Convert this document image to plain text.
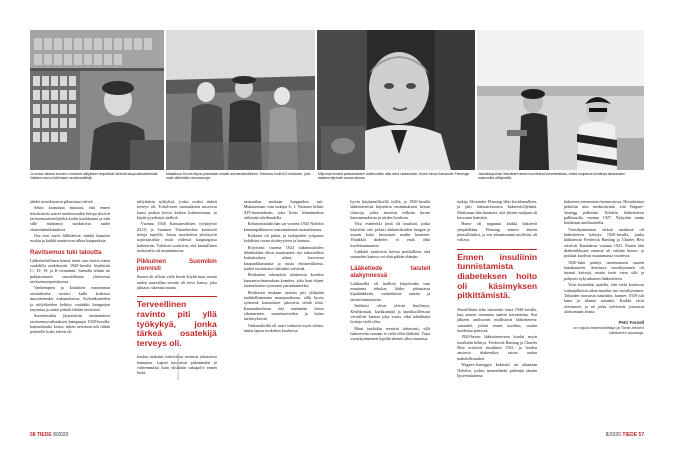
Jo sodan aikana suosion nousseet säilykkeet helpottivat kiireistä kaupunkilaiselämää. Valistus neuvoi tutkimaan ravintosisältöjä.
Maatalous-Suomi tarjosi parastaan omalle asemaväestölleen. Tutkimus tuotti A/V-tuokseen, joka nosti säilöntään ravintoarvoja.
Miljoonia ihmisiä pelastaneiden antibioottien aika alkoi sattumasta. Home tuhosi Alexander Flemingin bakteeriviljelmän toman aikana.
Jazzakaupolvan itsenäiset naiset kuuntelivat korsetteistaan, mutta suojaavat silmänsä aikakauden uusimmilla villityksellä.

tähdet muodostuvat pilaasiana vitiviä.

Sekin kannattaa muistaa, että ennen tietokoneita naiset uudenvuoden lukuja tiesivät ravitsemustieteilijöiltä kodin tulokkaasta ja niin sille määränsä suodattivat uudet vitamiinitutkimukset.

Osa tiesi myös hillittäessä, minkä laatuisia ruokia ja kaikki maistoivat ulkoa kaupunkeja.

Ravitsemus tuki taloutta

Lääketieteellinen kemia eteni sata vuotta sitten vauhdilla asekeksivät 1920-luvulla löydettiin C-, D-, B- ja K-vitamiinit. Samalla tehtiin ne pohjattomasti suositeltuina yhteisessä ravitsemusopetuksessa.

Vanhempien ja kotiäitien mainonnan seurauksena ravinto kulki kodeissa muotitermiksi tutkimuksissa. Kylmäkoneiden ja säilykkeiden kehitys vauhditti kauppojen tarjontaa ja auttoi pitkää eliniän tavoitetta.

Suomessakin järjestettiin ensimmäiset ravitsemusvalistuksen kampanjat 1920-luvulla: kansanhuolto kertoi, miten ravinnon tuli riittää perheelle koko talven yli.

säilyttäisin työkykyä, jonka osaksi tärkeä terveys oli. Tolselsseen suomalaisen nuorison kuusi poikaa kertoi kaiken kokeneistaan, ja käytti pyydettyä sisältöä.

Vuonna 1926 Kansainvälinen työjärjestö (ILO) ja Suomen Tilastokeskus keräsivät tietoja rupeille. Joissa suoritettiin yhteistyön sopivuustöitä: mitä viidessä kaupungissa kulutettiin. Tulokset osoittivat, että kansallinen ruokavalio oli muuttumassa.

Pikkuinen Suomikin ponnisti

Suomi oli silloin vielä kovin köyhä maa, mutta uuden tasavallan tavoite oli terve kansa, joka jaksaisi rakentaa maata.

Terveellinen ravinto piti yllä työkykyä, jonka tärkeä osatekijä terveys oli.

koulun ruokalat vahvistivat ravintoa jokaisessa kunnassa. Lapset kasvoivat pidemmiksi ja vahvemmiksi kuin yksikään sukupolvi ennen heitä.

nousutilan mukaan huippuihin asti. Mukautetaan vain tutkijat A. I. Virtanen kehitti AIV-menetelmän, joka lisäsi lehmänrehun säilöntää talvikaudella.

Keksinnöistään hän sai vuonna 1945 Nobelin kemianpalkinnon ensimmäisenä suomalaisena.

Kaikesta oli pulaa, ja tutkijoiden työpanos kohdistui ruoan riittävyyteen ja laatuun.

Erityisesti vuonna 1924 tutkimustöiden lähtökohdat olivat muuttuneet: nyt tarkasteltiin kotitalouksia, arkea, kasvavaa kaupunkilaisuutta ja uusia elintarvikkeita, joiden ravintoarvo haluttiin selvittää.

Heiskanen tekemästä aloitteesta koottiin kansanravitsemuksen komitea, joka laati ohjeet suomalaisten syömisen parantamiseksi.

Heiskasen mukaan ravinto piti ylläpitää mahdollisimman monipuolisena, sillä hyvin syöneinä kansalaiset jaksoivat tehdä töitä. Kansanhuoltoon tuli enemmän tietoa vihannesten, maitotuotteiden ja kalan merkityksestä.

Tutkimuksilla oli suuri vaikutus myös siihen, miten lapsia ruokittiin kouluissa.

hyvin käytännöllisellä työllä, ja 1920-luvulla lääketieteessä käytettiin ensimmäisten kerran tilastoja, jotka antoivat selkeän kuvan kansantaudeista ja niiden hoidosta.

Yksi esimerkki tästä oli insuliini, jonka käyttöön otto pelasti diabeetikoiden hengen ja muutti koko kroonisen taudin luonteen. Yhtäkkiä diabetes ei enää ollut kuolemantuomio.

Lääkärit saattoivat kertoa potilailleen, että sairauden kanssa voi elää pitkän elämän.

Lääketiede taisteli alakynnessä

Lääkäreillä oli tuolloin käytössään vain muutama tehokas lääke: pääasiassa kipulääkkeitä, rauhoittavia aineita ja desinfiointiaineita.

Infektiot olivat yleisin kuolinsyy. Keuhkotauti, kurkkumätä ja lapsikuolleisuus verottivat kansaa joka vuosi, eikä tehokkaita hoitoja vielä ollut.

Muut tauditkin etenivät tuhoisasti, sillä bakteereita vastaan ei vielä ollut lääkettä. Vasta vuosikymmenen lopulla tilanne alkoi muuttua.

tutkija Alexander Fleming lähti kesälomalleen, ja jätti laboratorioonsa bakteeriviljelmiä. Palattuaan hän huomasi, että yhteen maljaan oli kasvanut hometta.

Home oli tappanut kaikki bakteerit ympäriltään. Fleming nimesi aineen penisilliiniksi, ja sen aikaansaama mullistus oli valtava.

Ennen insuliinin tunnistamista diabeteksen hoito oli käsimyksen pitkittämistä.

Penisilliinin teho havaittiin vasta 1940-luvulla, kun aineen tuotantoa saatiin kasvatettua. Sen jälkeen antibiootit mullistivat lääketieteen: sairaudet, joihin ennen kuoltiin, saatiin hoidettua päivissä.

1920-luvun lääketieteeseen kuului myös insuliinin kehitys. Frederick Banting ja Charles Best eristivät insuliinin 1921, ja hoidon ansiosta diabeetikot saivat uuden mahdollisuuden.

Wagner-Jaureggin keksintö sai aikanaan Nobelin, joskin menetelmää pidetään tänään kyseenalaisena.

bakteerin etenemisen hermostossa. Hoitokeinoa pidettiin niin merkittävänä, että Wagner-Jauregg palkittiin Nobelin lääketieteen palkinnolla vuonna 1927. Nykyään tautia hoidetaan antibiooteilla.

Vuosikymmenen tärkeä merkintä oli lääketieteen kehitys 1920-luvulla, jonka lääkäreistä Frederick Banting ja Charles Best eristivät Kanadassa vuonna 1921. Ennen tätä diabeetikkojen ennuste oli erittäin huono, ja potilaat kuolivat muutamassa vuodessa.

1920-luku päättyi onnettomasti suuren lamakauteen. Seuraava vuosikymmen oli täynnä kriisejä, mutta tiede eteni silti ja pohjusti nykyaikaisen lääketieteen.

Voisi kuitenkin ajatella, että vielä koittavaa sodanjälkeistä aikaa maalasi tuo vuosikymmen. Talouden noususta nautittiin, kunnes 1929 tuli lama ja tilanne romahti. Kaikki eivät selvinneet, ja ne jotka selvisivät, joutuivat aloittamaan alusta.

Petri Forsell
on vapaa tiedetoimittaja ja Tiede-lehden vakituinen avustaja.
Kuvat: Getty Images
58 TIEDE 8/2020	8/2020 TIEDE 57
